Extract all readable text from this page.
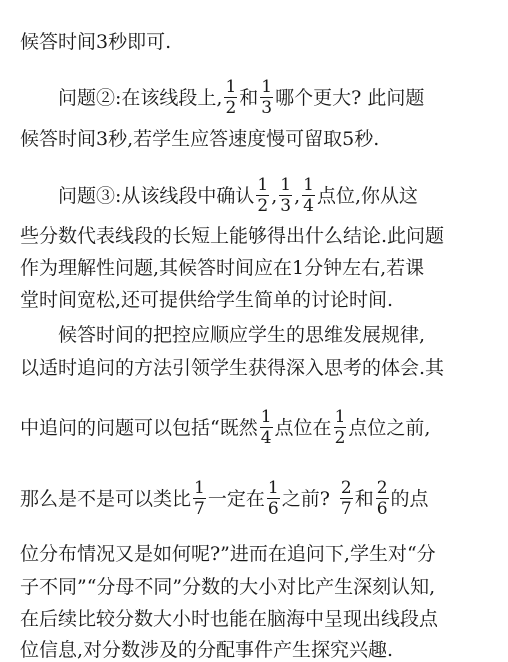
候答时间3秒即可.
问题②:在该线段上, $\frac{1}{2}$ 和 $\frac{1}{3}$ 哪个更大? 此问题
候答时间3秒,若学生应答速度慢可留取5秒.
问题③:从该线段中确认 $\frac{1}{2}$ , $\frac{1}{3}$ , $\frac{1}{4}$ 点位,你从这
些分数代表线段的长短上能够得出什么结论.此问题
作为理解性问题,其候答时间应在1分钟左右,若课
堂时间宽松,还可提供给学生简单的讨论时间.
候答时间的把控应顺应学生的思维发展规律,
以适时追问的方法引领学生获得深入思考的体会.其
中追问的问题可以包括“既然 $\frac{1}{4}$ 点位在 $\frac{1}{2}$ 点位之前,
那么是不是可以类比 $\frac{1}{7}$ 一定在 $\frac{1}{6}$ 之前? $\frac{2}{7}$ 和 $\frac{2}{6}$ 的点
位分布情况又是如何呢?”进而在追问下,学生对“分
子不同”“分母不同”分数的大小对比产生深刻认知,
在后续比较分数大小时也能在脑海中呈现出线段点
位信息,对分数涉及的分配事件产生探究兴趣.
